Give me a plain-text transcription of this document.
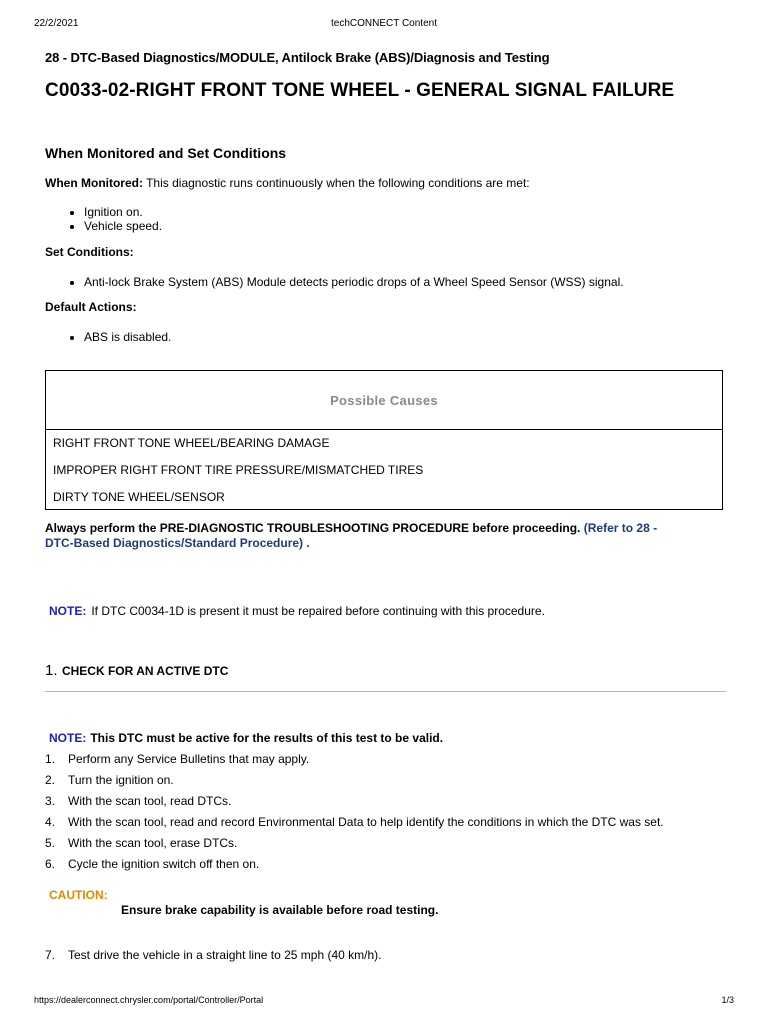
22/2/2021	techCONNECT Content
28 - DTC-Based Diagnostics/MODULE, Antilock Brake (ABS)/Diagnosis and Testing
C0033-02-RIGHT FRONT TONE WHEEL - GENERAL SIGNAL FAILURE
When Monitored and Set Conditions
When Monitored: This diagnostic runs continuously when the following conditions are met:
• Ignition on.
• Vehicle speed.
Set Conditions:
• Anti-lock Brake System (ABS) Module detects periodic drops of a Wheel Speed Sensor (WSS) signal.
Default Actions:
• ABS is disabled.
Possible Causes
RIGHT FRONT TONE WHEEL/BEARING DAMAGE
IMPROPER RIGHT FRONT TIRE PRESSURE/MISMATCHED TIRES
DIRTY TONE WHEEL/SENSOR
Always perform the PRE-DIAGNOSTIC TROUBLESHOOTING PROCEDURE before proceeding. (Refer to 28 -
DTC-Based Diagnostics/Standard Procedure) .
NOTE: If DTC C0034-1D is present it must be repaired before continuing with this procedure.
1. CHECK FOR AN ACTIVE DTC
NOTE: This DTC must be active for the results of this test to be valid.
1. Perform any Service Bulletins that may apply.
2. Turn the ignition on.
3. With the scan tool, read DTCs.
4. With the scan tool, read and record Environmental Data to help identify the conditions in which the DTC was set.
5. With the scan tool, erase DTCs.
6. Cycle the ignition switch off then on.
CAUTION:
Ensure brake capability is available before road testing.
7. Test drive the vehicle in a straight line to 25 mph (40 km/h).
https://dealerconnect.chrysler.com/portal/Controller/Portal	1/3
